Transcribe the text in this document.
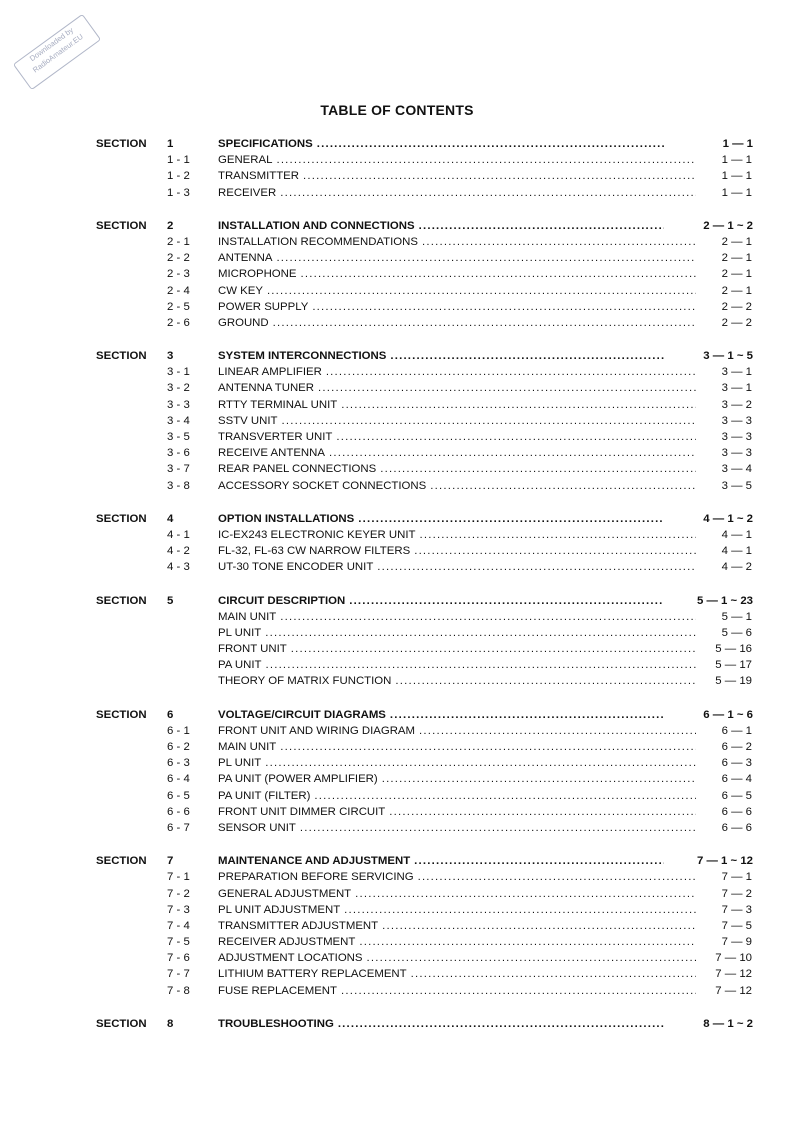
Downloaded by RadioAmateur.EU
TABLE OF CONTENTS
SECTION 1	SPECIFICATIONS .....	1 — 1
1 - 1 GENERAL .....	1 — 1
1 - 2 TRANSMITTER .....	1 — 1
1 - 3 RECEIVER .....	1 — 1
SECTION 2	INSTALLATION AND CONNECTIONS .....	2 — 1 ~ 2
2 - 1 INSTALLATION RECOMMENDATIONS .....	2 — 1
2 - 2 ANTENNA .....	2 — 1
2 - 3 MICROPHONE .....	2 — 1
2 - 4 CW KEY .....	2 — 1
2 - 5 POWER SUPPLY .....	2 — 2
2 - 6 GROUND .....	2 — 2
SECTION 3	SYSTEM INTERCONNECTIONS .....	3 — 1 ~ 5
3 - 1 LINEAR AMPLIFIER .....	3 — 1
3 - 2 ANTENNA TUNER .....	3 — 1
3 - 3 RTTY TERMINAL UNIT .....	3 — 2
3 - 4 SSTV UNIT .....	3 — 3
3 - 5 TRANSVERTER UNIT .....	3 — 3
3 - 6 RECEIVE ANTENNA .....	3 — 3
3 - 7 REAR PANEL CONNECTIONS .....	3 — 4
3 - 8 ACCESSORY SOCKET CONNECTIONS .....	3 — 5
SECTION 4	OPTION INSTALLATIONS .....	4 — 1 ~ 2
4 - 1 IC-EX243 ELECTRONIC KEYER UNIT .....	4 — 1
4 - 2 FL-32, FL-63 CW NARROW FILTERS .....	4 — 1
4 - 3 UT-30 TONE ENCODER UNIT .....	4 — 2
SECTION 5	CIRCUIT DESCRIPTION .....	5 — 1 ~ 23
MAIN UNIT .....	5 — 1
PL UNIT .....	5 — 6
FRONT UNIT .....	5 — 16
PA UNIT .....	5 — 17
THEORY OF MATRIX FUNCTION .....	5 — 19
SECTION 6	VOLTAGE/CIRCUIT DIAGRAMS .....	6 — 1 ~ 6
6 - 1 FRONT UNIT AND WIRING DIAGRAM .....	6 — 1
6 - 2 MAIN UNIT .....	6 — 2
6 - 3 PL UNIT .....	6 — 3
6 - 4 PA UNIT (POWER AMPLIFIER) .....	6 — 4
6 - 5 PA UNIT (FILTER) .....	6 — 5
6 - 6 FRONT UNIT DIMMER CIRCUIT .....	6 — 6
6 - 7 SENSOR UNIT .....	6 — 6
SECTION 7	MAINTENANCE AND ADJUSTMENT .....	7 — 1 ~ 12
7 - 1 PREPARATION BEFORE SERVICING .....	7 — 1
7 - 2 GENERAL ADJUSTMENT .....	7 — 2
7 - 3 PL UNIT ADJUSTMENT .....	7 — 3
7 - 4 TRANSMITTER ADJUSTMENT .....	7 — 5
7 - 5 RECEIVER ADJUSTMENT .....	7 — 9
7 - 6 ADJUSTMENT LOCATIONS .....	7 — 10
7 - 7 LITHIUM BATTERY REPLACEMENT .....	7 — 12
7 - 8 FUSE REPLACEMENT .....	7 — 12
SECTION 8	TROUBLESHOOTING .....	8 — 1 ~ 2
